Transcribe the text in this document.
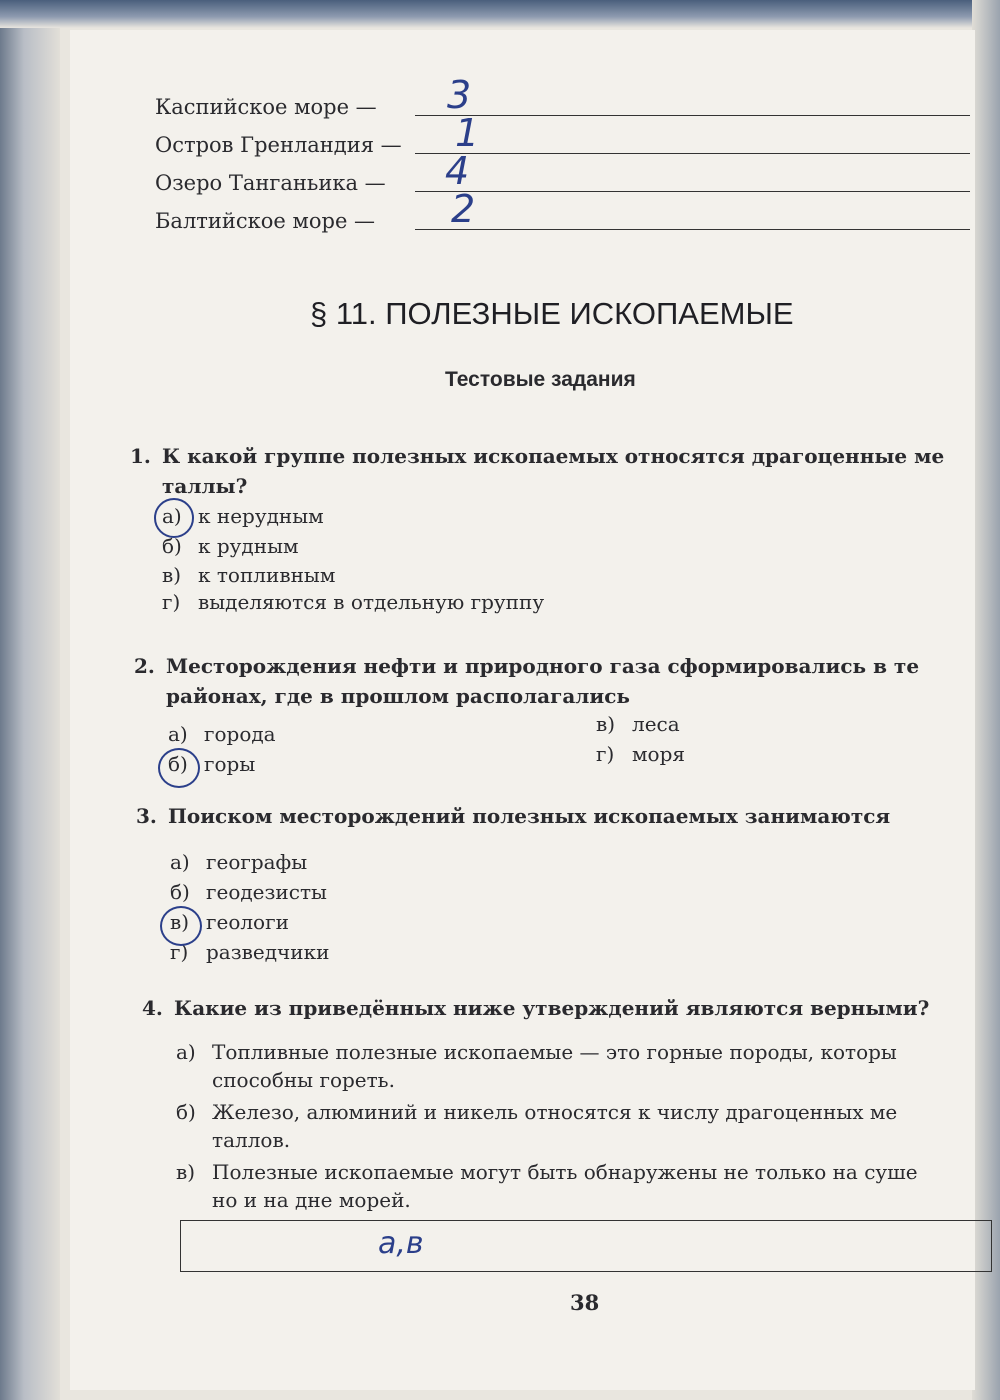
Каспийское море — 3
Остров Гренландия — 1
Озеро Танганьика — 4
Балтийское море — 2
§ 11. ПОЛЕЗНЫЕ ИСКОПАЕМЫЕ
Тестовые задания
1. К какой группе полезных ископаемых относятся драгоценные ме
таллы?
а) к нерудным
б) к рудным
в) к топливным
г) выделяются в отдельную группу
2. Месторождения нефти и природного газа сформировались в те
районах, где в прошлом располагались
а) города
б) горы
в) леса
г) моря
3. Поиском месторождений полезных ископаемых занимаются
а) географы
б) геодезисты
в) геологи
г) разведчики
4. Какие из приведённых ниже утверждений являются верными?
а) Топливные полезные ископаемые — это горные породы, которы
способны гореть.
б) Железо, алюминий и никель относятся к числу драгоценных ме
таллов.
в) Полезные ископаемые могут быть обнаружены не только на суше
но и на дне морей.
а,в
38
